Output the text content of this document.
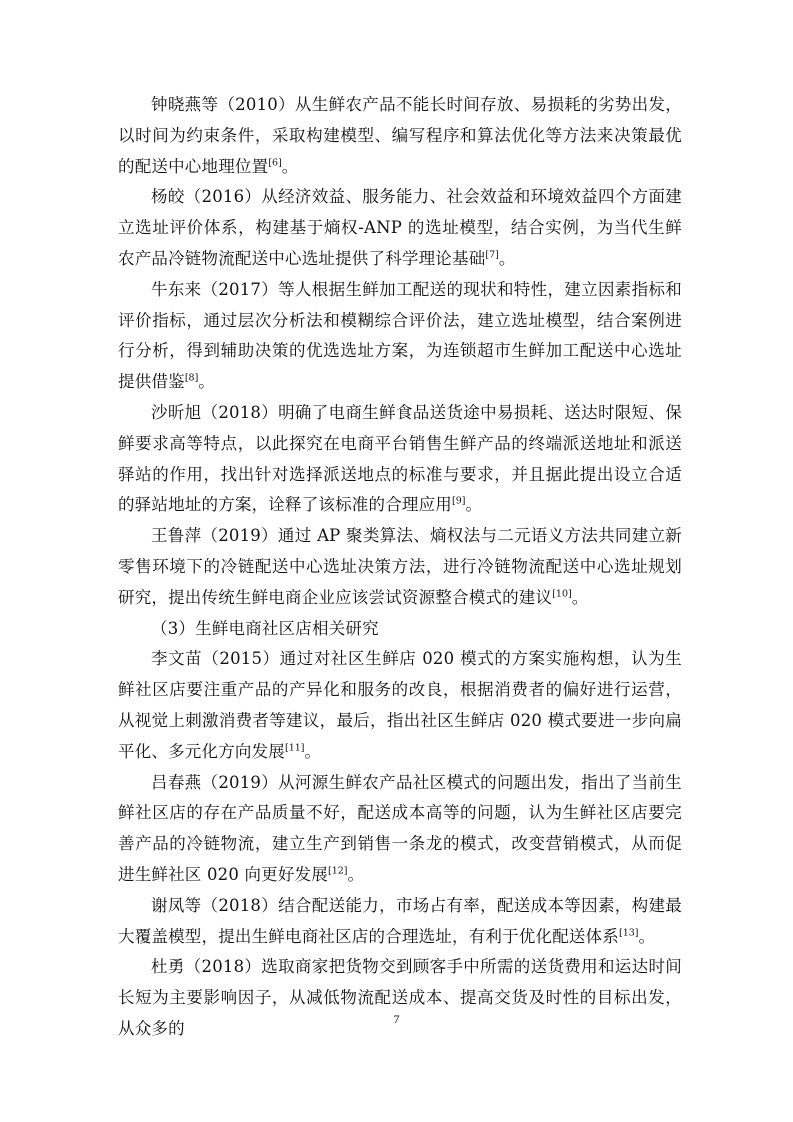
钟晓燕等（2010）从生鲜农产品不能长时间存放、易损耗的劣势出发，以时间为约束条件，采取构建模型、编写程序和算法优化等方法来决策最优的配送中心地理位置[6]。

杨皎（2016）从经济效益、服务能力、社会效益和环境效益四个方面建立选址评价体系，构建基于熵权-ANP 的选址模型，结合实例，为当代生鲜农产品冷链物流配送中心选址提供了科学理论基础[7]。

牛东来（2017）等人根据生鲜加工配送的现状和特性，建立因素指标和评价指标，通过层次分析法和模糊综合评价法，建立选址模型，结合案例进行分析，得到辅助决策的优选选址方案，为连锁超市生鲜加工配送中心选址提供借鉴[8]。

沙昕旭（2018）明确了电商生鲜食品送货途中易损耗、送达时限短、保鲜要求高等特点，以此探究在电商平台销售生鲜产品的终端派送地址和派送驿站的作用，找出针对选择派送地点的标准与要求，并且据此提出设立合适的驿站地址的方案，诠释了该标准的合理应用[9]。

王鲁萍（2019）通过 AP 聚类算法、熵权法与二元语义方法共同建立新零售环境下的冷链配送中心选址决策方法，进行冷链物流配送中心选址规划研究，提出传统生鲜电商企业应该尝试资源整合模式的建议[10]。

（3）生鲜电商社区店相关研究

李文苗（2015）通过对社区生鲜店 020 模式的方案实施构想，认为生鲜社区店要注重产品的产异化和服务的改良，根据消费者的偏好进行运营，从视觉上刺激消费者等建议，最后，指出社区生鲜店 020 模式要进一步向扁平化、多元化方向发展[11]。

吕春燕（2019）从河源生鲜农产品社区模式的问题出发，指出了当前生鲜社区店的存在产品质量不好，配送成本高等的问题，认为生鲜社区店要完善产品的冷链物流，建立生产到销售一条龙的模式，改变营销模式，从而促进生鲜社区 020 向更好发展[12]。

谢凤等（2018）结合配送能力，市场占有率，配送成本等因素，构建最大覆盖模型，提出生鲜电商社区店的合理选址，有利于优化配送体系[13]。

杜勇（2018）选取商家把货物交到顾客手中所需的送货费用和运达时间长短为主要影响因子，从减低物流配送成本、提高交货及时性的目标出发，从众多的	7
